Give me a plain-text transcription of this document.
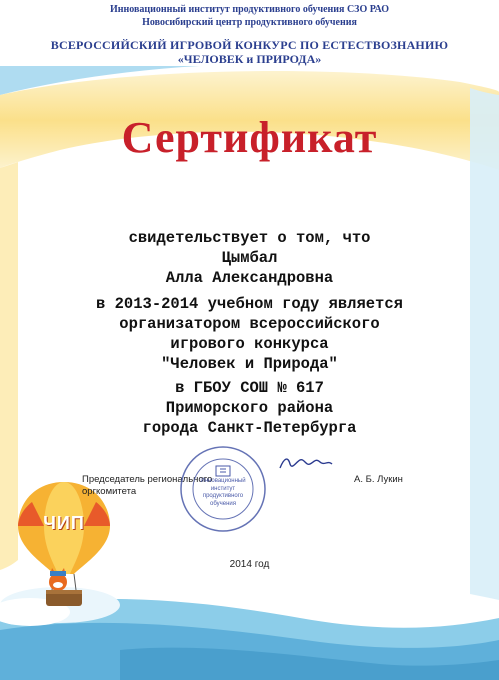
Инновационный институт продуктивного обучения СЗО РАО
Новосибирский центр продуктивного обучения
ВСЕРОССИЙСКИЙ ИГРОВОЙ КОНКУРС ПО ЕСТЕСТВОЗНАНИЮ
«ЧЕЛОВЕК и ПРИРОДА»
Сертификат
свидетельствует о том, что
Цымбал
Алла Александровна
в 2013-2014 учебном году является
организатором всероссийского
игрового конкурса
"Человек и Природа"
в ГБОУ СОШ № 617
Приморского района
города Санкт-Петербурга
ЧИП
Председатель регионального
оргкомитета
А. Б. Лукин
Инновационный
институт
продуктивного
обучения
2014 год
